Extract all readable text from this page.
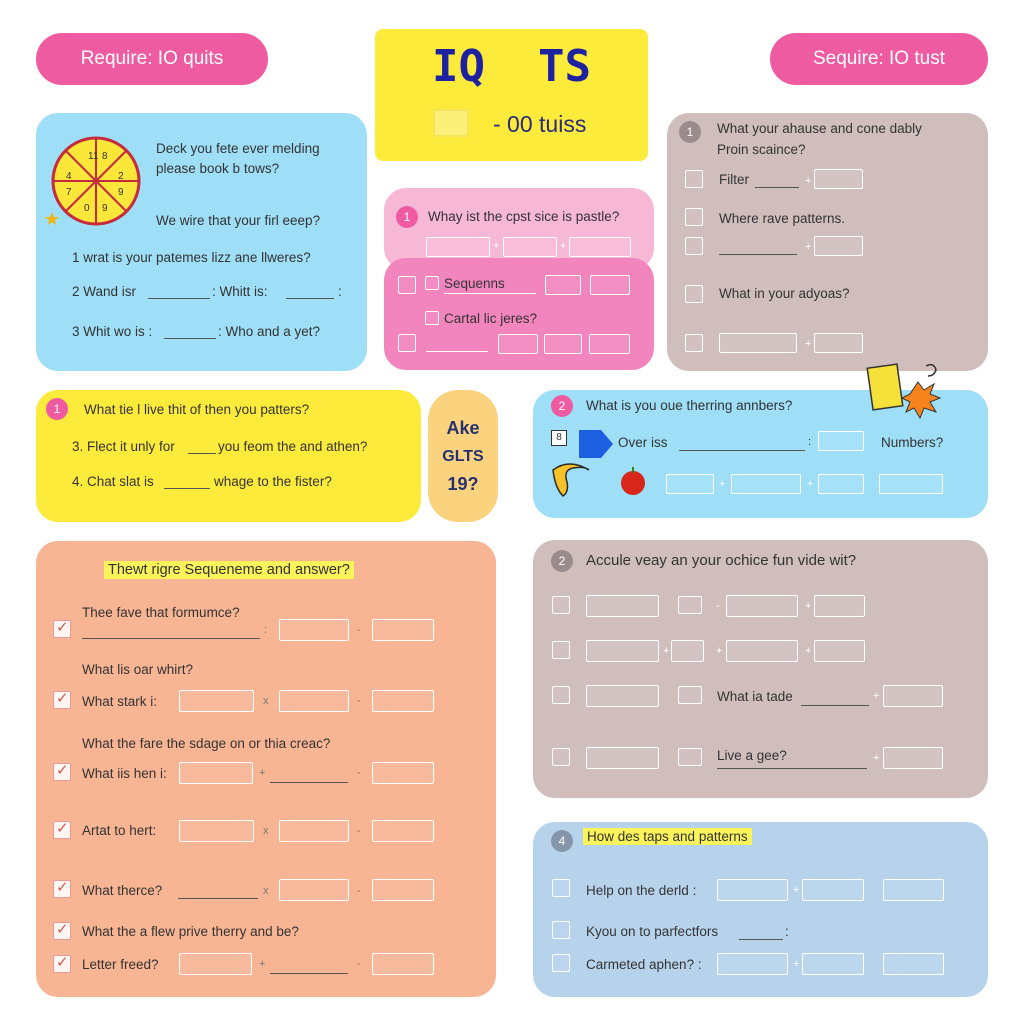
Require: IO quits	Sequire: IO tust
IQ  TS
- 00 tuiss
11 8
4	2
7	9
0 9
★
Deck you fete ever melding
please book b tows?
We wire that your firl eeep?
1 wrat is your patemes lizz ane llweres?
2 Wand isr	: Whitt is:	:
3 Whit wo is :	: Who and a yet?
1	Whay ist the cpst sice is pastle?
+	+
Sequenns
Cartal lic jeres?
1	What your ahause and cone dably
Proin scaince?
Filter	+
Where rave patterns.
+
What in your adyoas?
+
1	What tie l live thit of then you patters?
3. Flect it unly for	you feom the and athen?
4. Chat slat is	whage to the fister?
Ake
GLTS
19?
2	What is you oue therring annbers?
8	Over iss	:	Numbers?
+	+
Thewt rigre Sequeneme and answer?
Thee fave that formumce?
✓
:	-
What lis oar whirt?
✓
What stark i:	x	-
What the fare the sdage on or thia creac?
✓
What iis hen i:	+	-
✓
Artat to hert:	x	-
✓
What therce?	x	-
✓
What the a flew prive therry and be?
✓
Letter freed?	+	-
2	Accule veay an your ochice fun vide wit?
-	+
+	+	+
What ia tade	+
Live a gee?	+
4	How des taps and patterns
Help on the derld :	+
Kyou on to parfectfors	:
Carmeted aphen? :	+
